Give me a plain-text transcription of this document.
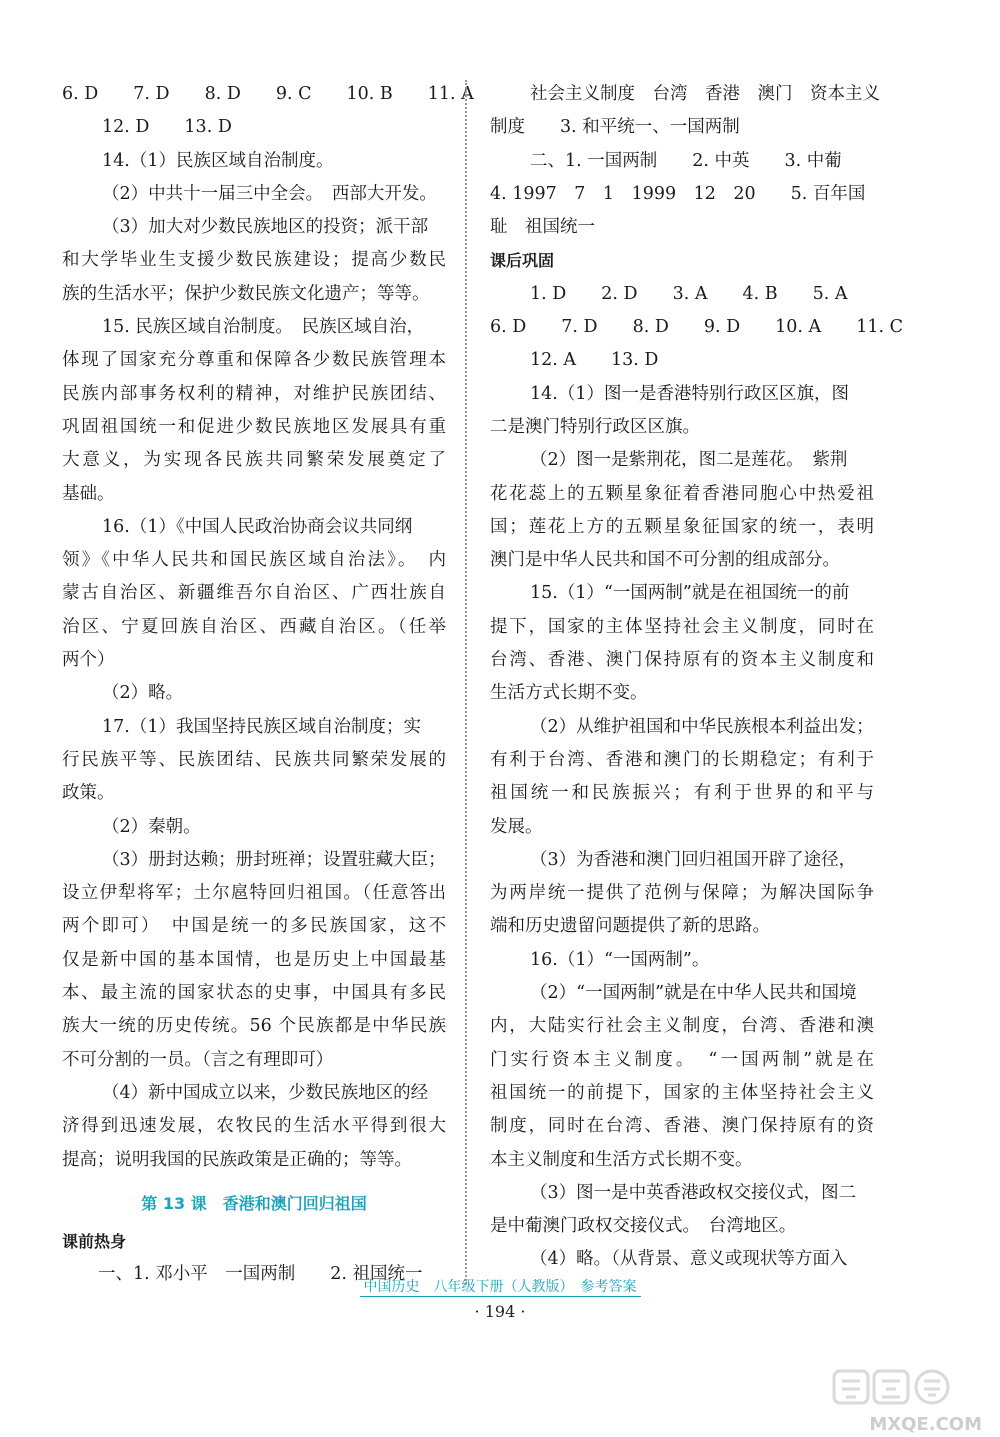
6. D　　7. D　　8. D　　9. C　　10. B　　11. A
12. D　　13. D
14.（1）民族区域自治制度。
（2）中共十一届三中全会。　西部大开发。
（3）加大对少数民族地区的投资；派干部
和大学毕业生支援少数民族建设；提高少数民
族的生活水平；保护少数民族文化遗产；等等。
15. 民族区域自治制度。　民族区域自治，
体现了国家充分尊重和保障各少数民族管理本
民族内部事务权利的精神，对维护民族团结、
巩固祖国统一和促进少数民族地区发展具有重
大意义，为实现各民族共同繁荣发展奠定了
基础。
16.（1）《中国人民政治协商会议共同纲
领》《中华人民共和国民族区域自治法》。　内
蒙古自治区、新疆维吾尔自治区、广西壮族自
治区、宁夏回族自治区、西藏自治区。（任举
两个）
（2）略。
17.（1）我国坚持民族区域自治制度；实
行民族平等、民族团结、民族共同繁荣发展的
政策。
（2）秦朝。
（3）册封达赖；册封班禅；设置驻藏大臣；
设立伊犁将军；土尔扈特回归祖国。（任意答出
两个即可）　中国是统一的多民族国家，这不
仅是新中国的基本国情，也是历史上中国最基
本、最主流的国家状态的史事，中国具有多民
族大一统的历史传统。56 个民族都是中华民族
不可分割的一员。（言之有理即可）
（4）新中国成立以来，少数民族地区的经
济得到迅速发展，农牧民的生活水平得到很大
提高；说明我国的民族政策是正确的；等等。
第 13 课　香港和澳门回归祖国
课前热身
一、1. 邓小平　一国两制　　2. 祖国统一
社会主义制度　台湾　香港　澳门　资本主义
制度　　3. 和平统一、一国两制
二、1. 一国两制　　2. 中英　　3. 中葡
4. 1997　7　1　1999　12　20　　5. 百年国
耻　祖国统一
课后巩固
1. D　　2. D　　3. A　　4. B　　5. A
6. D　　7. D　　8. D　　9. D　　10. A　　11. C
12. A　　13. D
14.（1）图一是香港特别行政区区旗，图
二是澳门特别行政区区旗。
（2）图一是紫荆花，图二是莲花。　紫荆
花花蕊上的五颗星象征着香港同胞心中热爱祖
国；莲花上方的五颗星象征国家的统一，表明
澳门是中华人民共和国不可分割的组成部分。
15.（1）“一国两制”就是在祖国统一的前
提下，国家的主体坚持社会主义制度，同时在
台湾、香港、澳门保持原有的资本主义制度和
生活方式长期不变。
（2）从维护祖国和中华民族根本利益出发；
有利于台湾、香港和澳门的长期稳定；有利于
祖国统一和民族振兴；有利于世界的和平与
发展。
（3）为香港和澳门回归祖国开辟了途径，
为两岸统一提供了范例与保障；为解决国际争
端和历史遗留问题提供了新的思路。
16.（1）“一国两制”。
（2）“一国两制”就是在中华人民共和国境
内，大陆实行社会主义制度，台湾、香港和澳
门实行资本主义制度。　“一国两制”就是在
祖国统一的前提下，国家的主体坚持社会主义
制度，同时在台湾、香港、澳门保持原有的资
本主义制度和生活方式长期不变。
（3）图一是中英香港政权交接仪式，图二
是中葡澳门政权交接仪式。　台湾地区。
（4）略。（从背景、意义或现状等方面入
中国历史　八年级下册（人教版）　参考答案
· 194 ·
MXQE.COM
